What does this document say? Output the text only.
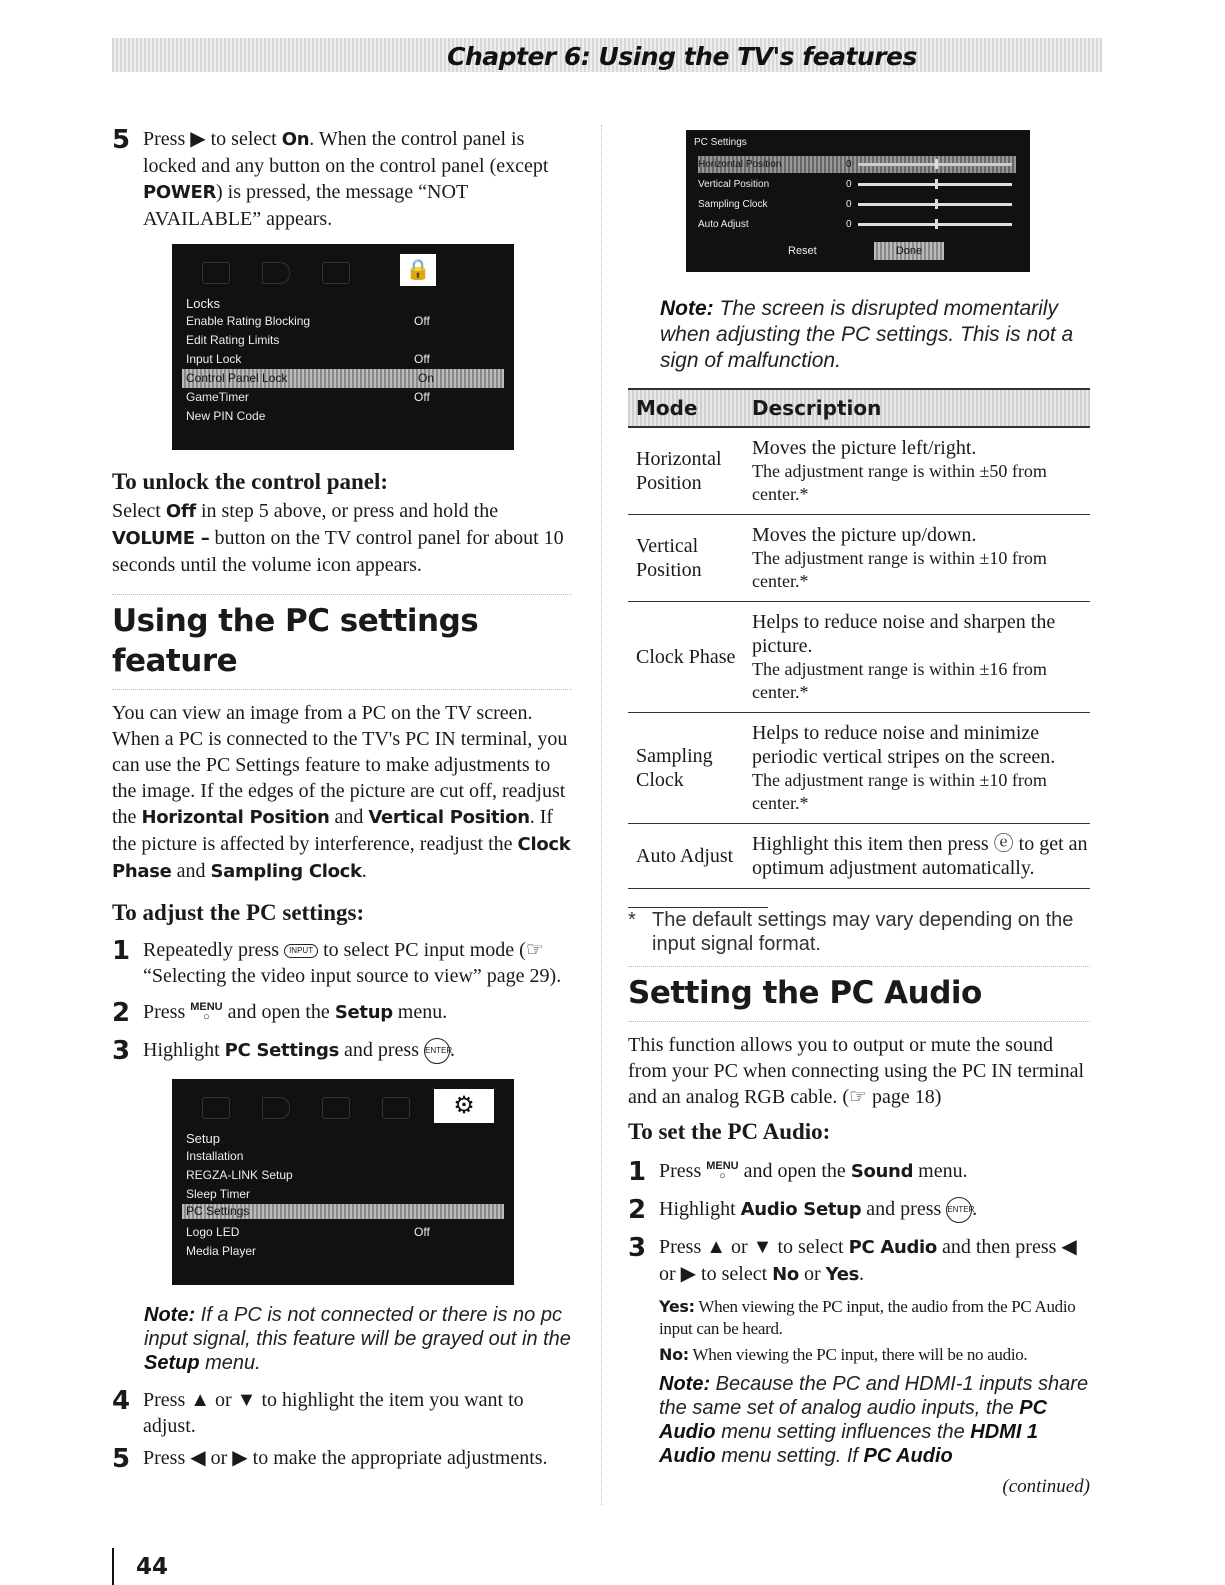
Chapter 6: Using the TV's features
5 Press ▶ to select On. When the control panel is locked and any button on the control panel (except POWER) is pressed, the message “NOT AVAILABLE” appears.
🔒
Locks
Enable Rating Blocking	Off
Edit Rating Limits
Input Lock	Off
Control Panel Lock	On
GameTimer	Off
New PIN Code
To unlock the control panel:
Select Off in step 5 above, or press and hold the VOLUME – button on the TV control panel for about 10 seconds until the volume icon appears.
Using the PC settings feature
You can view an image from a PC on the TV screen. When a PC is connected to the TV's PC IN terminal, you can use the PC Settings feature to make adjustments to the image. If the edges of the picture are cut off, readjust the Horizontal Position and Vertical Position. If the picture is affected by interference, readjust the Clock Phase and Sampling Clock.
To adjust the PC settings:
1 Repeatedly press INPUT to select PC input mode (☞ “Selecting the video input source to view” page 29).
2 Press MENU
○ and open the Setup menu.
3 Highlight PC Settings and press ENTER.
⚙
Setup
Installation
REGZA-LINK Setup
Sleep Timer
PC Settings
Logo LED	Off
Media Player
Note: If a PC is not connected or there is no pc input signal, this feature will be grayed out in the Setup menu.
4 Press ▲ or ▼ to highlight the item you want to adjust.
5 Press ◀ or ▶ to make the appropriate adjustments.
PC Settings
Horizontal Position	0
Vertical Position	0
Sampling Clock	0
Auto Adjust	0
Reset	Done
Note: The screen is disrupted momentarily when adjusting the PC settings. This is not a sign of malfunction.
Mode	Description
Horizontal Position	Moves the picture left/right.
The adjustment range is within ±50 from center.*

Vertical Position	Moves the picture up/down.
The adjustment range is within ±10 from center.*

Clock Phase	Helps to reduce noise and sharpen the picture.
The adjustment range is within ±16 from center.*

Sampling Clock	Helps to reduce noise and minimize periodic vertical stripes on the screen.
The adjustment range is within ±10 from center.*

Auto Adjust	Highlight this item then press ⓔ to get an optimum adjustment automatically.
* The default settings may vary depending on the input signal format.
Setting the PC Audio
This function allows you to output or mute the sound from your PC when connecting using the PC IN terminal and an analog RGB cable. (☞ page 18)
To set the PC Audio:
1 Press MENU
○ and open the Sound menu.
2 Highlight Audio Setup and press ENTER.
3 Press ▲ or ▼ to select PC Audio and then press ◀ or ▶ to select No or Yes.
Yes: When viewing the PC input, the audio from the PC Audio input can be heard.
No: When viewing the PC input, there will be no audio.
Note: Because the PC and HDMI-1 inputs share the same set of analog audio inputs, the PC Audio menu setting influences the HDMI 1 Audio menu setting. If PC Audio
(continued)
44
